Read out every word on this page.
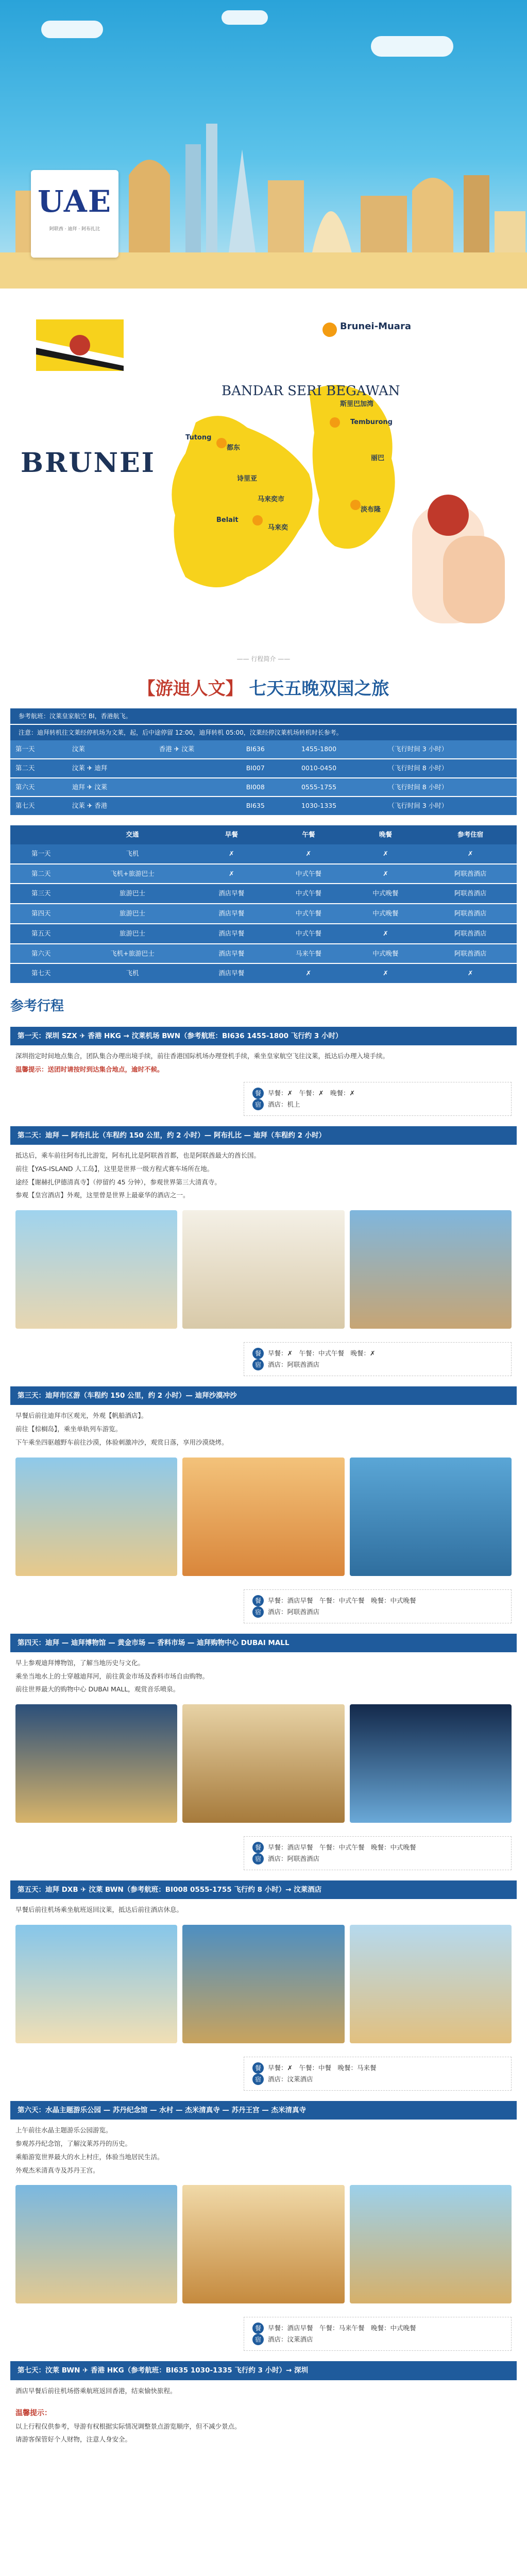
UAE
阿联酋 · 迪拜 · 阿布扎比
BRUNEI
BANDAR SERI BEGAWAN
Brunei-Muara
Tutong
都东
Belait
马来奕
Temburong
淡布隆
斯里巴加湾
诗里亚
马来奕市
丽巴
—— 行程简介 ——
【游迪人文】 七天五晚双国之旅
参考航班：汶莱皇家航空 BI，香港航飞。
注意：迪拜转机往文莱经停机场为文莱，起，后中途停留 12:00，迪拜转机 05:00，汶莱经停汶莱机场转机时长参考。
第一天	汶莱	香港 ✈ 汶莱	BI636	1455-1800	（飞行时间 3 小时）
第二天	汶莱 ✈ 迪拜		BI007	0010-0450	（飞行时间 8 小时）
第六天	迪拜 ✈ 汶莱		BI008	0555-1755	（飞行时间 8 小时）
第七天	汶莱 ✈ 香港		BI635	1030-1335	（飞行时间 3 小时）
	交通	早餐	午餐	晚餐	参考住宿
第一天	飞机	✗	✗	✗	✗
第二天	飞机+旅游巴士	✗	中式午餐	✗	阿联酋酒店
第三天	旅游巴士	酒店早餐	中式午餐	中式晚餐	阿联酋酒店
第四天	旅游巴士	酒店早餐	中式午餐	中式晚餐	阿联酋酒店
第五天	旅游巴士	酒店早餐	中式午餐	✗	阿联酋酒店
第六天	飞机+旅游巴士	酒店早餐	马来午餐	中式晚餐	阿联酋酒店
第七天	飞机	酒店早餐	✗	✗	✗
参考行程
第一天：深圳 SZX ✈ 香港 HKG → 汶莱机场 BWN（参考航班：BI636 1455-1800 飞行约 3 小时）

深圳指定时间地点集合，团队集合办理出境手续，前往香港国际机场办理登机手续，乘坐皇家航空飞往汶莱，抵达后办理入境手续。

温馨提示：送团时请按时到达集合地点，逾时不候。

餐 早餐：✗　午餐：✗　晚餐：✗
宿 酒店：机上
第二天：迪拜 — 阿布扎比（车程约 150 公里，约 2 小时）— 阿布扎比 — 迪拜（车程约 2 小时）

抵达后，乘车前往阿布扎比游览，阿布扎比是阿联酋首都，也是阿联酋最大的酋长国。

前往【YAS-ISLAND 人工岛】，这里是世界一级方程式赛车场所在地。

途经【谢赫扎伊德清真寺】（停留约 45 分钟），参观世界第三大清真寺。

参观【皇宫酒店】外观，这里曾是世界上最豪华的酒店之一。

餐 早餐：✗　午餐：中式午餐　晚餐：✗
宿 酒店：阿联酋酒店
第三天：迪拜市区游（车程约 150 公里，约 2 小时）— 迪拜沙漠冲沙

早餐后前往迪拜市区观光，外观【帆船酒店】。

前往【棕榈岛】，乘坐单轨列车游览。

下午乘坐四驱越野车前往沙漠，体验刺激冲沙，观赏日落，享用沙漠烧烤。

餐 早餐：酒店早餐　午餐：中式午餐　晚餐：中式晚餐
宿 酒店：阿联酋酒店
第四天：迪拜 — 迪拜博物馆 — 黄金市场 — 香料市场 — 迪拜购物中心 DUBAI MALL

早上参观迪拜博物馆，了解当地历史与文化。

乘坐当地水上的士穿越迪拜河，前往黄金市场及香料市场自由购物。

前往世界最大的购物中心 DUBAI MALL，观赏音乐喷泉。

餐 早餐：酒店早餐　午餐：中式午餐　晚餐：中式晚餐
宿 酒店：阿联酋酒店
第五天：迪拜 DXB ✈ 汶莱 BWN（参考航班：BI008 0555-1755 飞行约 8 小时）→ 汶莱酒店

早餐后前往机场乘坐航班返回汶莱，抵达后前往酒店休息。

餐 早餐：✗　午餐：中餐　晚餐：马来餐
宿 酒店：汶莱酒店
第六天：水晶主题游乐公园 — 苏丹纪念馆 — 水村 — 杰米清真寺 — 苏丹王宫 — 杰米清真寺

上午前往水晶主题游乐公园游览。

参观苏丹纪念馆，了解汶莱苏丹的历史。

乘船游览世界最大的水上村庄，体验当地居民生活。

外观杰米清真寺及苏丹王宫。

餐 早餐：酒店早餐　午餐：马来午餐　晚餐：中式晚餐
宿 酒店：汶莱酒店
第七天：汶莱 BWN ✈ 香港 HKG（参考航班：BI635 1030-1335 飞行约 3 小时）→ 深圳

酒店早餐后前往机场搭乘航班返回香港，结束愉快旅程。

温馨提示：

以上行程仅供参考，导游有权根据实际情况调整景点游览顺序，但不减少景点。

请游客保管好个人财物，注意人身安全。
